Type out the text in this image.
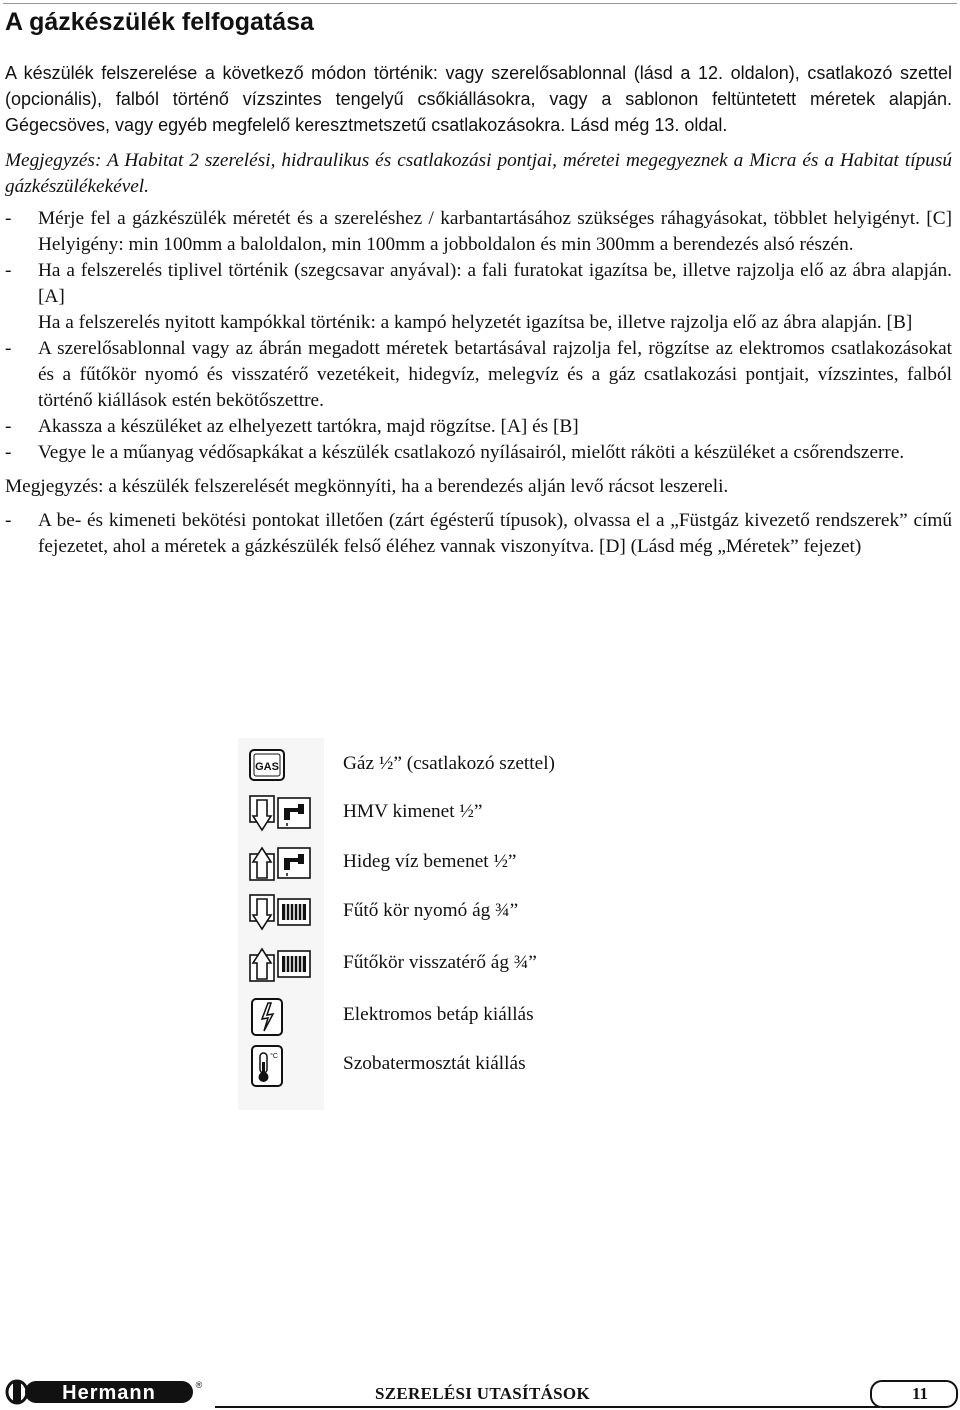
A gázkészülék felfogatása

A készülék felszerelése a következő módon történik: vagy szerelősablonnal (lásd a 12. oldalon), csatlakozó szettel (opcionális), falból történő vízszintes tengelyű csőkiállásokra, vagy a sablonon feltüntetett méretek alapján. Gégecsöves, vagy egyéb megfelelő keresztmetszetű csatlakozásokra. Lásd még 13. oldal.

Megjegyzés: A Habitat 2 szerelési, hidraulikus és csatlakozási pontjai, méretei megegyeznek a Micra és a Habitat típusú gázkészülékekével.

-	Mérje fel a gázkészülék méretét és a szereléshez / karbantartásához szükséges ráhagyásokat, többlet helyigényt. [C] Helyigény: min 100mm a baloldalon, min 100mm a jobboldalon és min 300mm a berendezés alsó részén.
-	Ha a felszerelés tiplivel történik (szegcsavar anyával): a fali furatokat igazítsa be, illetve rajzolja elő az ábra alapján. [A]
Ha a felszerelés nyitott kampókkal történik: a kampó helyzetét igazítsa be, illetve rajzolja elő az ábra alapján. [B]
-	A szerelősablonnal vagy az ábrán megadott méretek betartásával rajzolja fel, rögzítse az elektromos csatlakozásokat és a fűtőkör nyomó és visszatérő vezetékeit, hidegvíz, melegvíz és a gáz csatlakozási pontjait, vízszintes, falból történő kiállások estén bekötőszettre.
-	Akassza a készüléket az elhelyezett tartókra, majd rögzítse. [A] és [B]
-	Vegye le a műanyag védősapkákat a készülék csatlakozó nyílásairól, mielőtt ráköti a készüléket a csőrendszerre.

Megjegyzés: a készülék felszerelését megkönnyíti, ha a berendezés alján levő rácsot leszereli.

-	A be- és kimeneti bekötési pontokat illetően (zárt égésterű típusok), olvassa el a „Füstgáz kivezető rendszerek” című fejezetet, ahol a méretek a gázkészülék felső éléhez vannak viszonyítva. [D] (Lásd még „Méretek” fejezet)
GAS	Gáz ½” (csatlakozó szettel)
HMV kimenet ½”
Hideg víz bemenet ½”
Fűtő kör nyomó ág ¾”
Fűtőkör visszatérő ág ¾”
Elektromos betáp kiállás
°C	Szobatermosztát kiállás
Hermann	®	SZERELÉSI UTASÍTÁSOK	11
